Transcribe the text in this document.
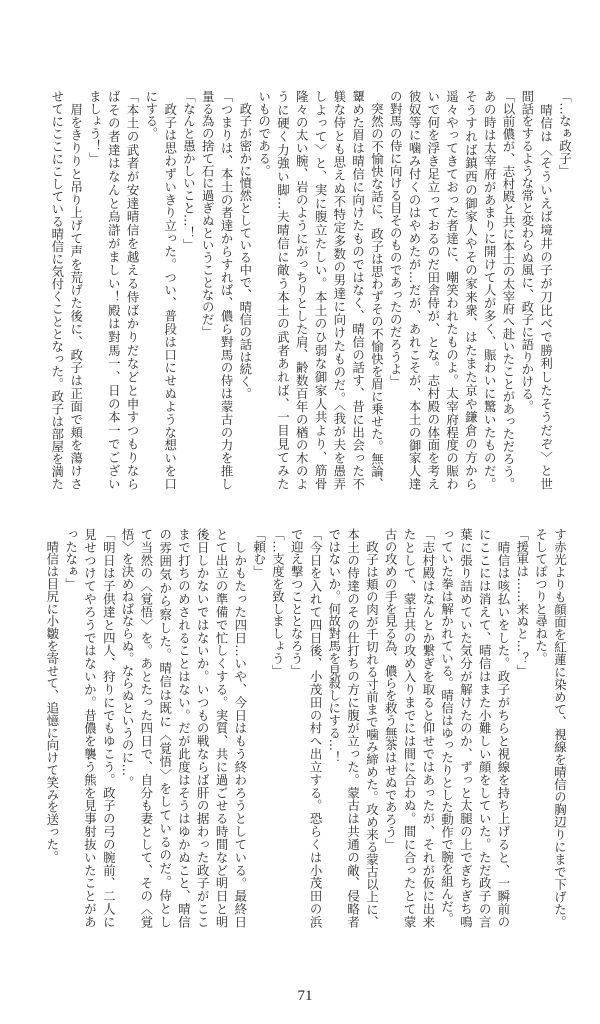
「…なぁ政子」
　晴信は〈そういえば境井の子が刀比べで勝利したそうだぞ〉と世
間話をするような常と変わらぬ風に、政子に語りかける。
「以前儂が、志村殿と共に本土の太宰府へ赴いたことがあっただろう。
あの時は太宰府があまりに開けて人が多く、賑わいに驚いたものだ。
そうすれば鎮西の御家人やその家来衆、はたまた京や鎌倉の方から
遥々やってきておった者達に、嘲笑われたものよ。太宰府程度の賑わ
いで何を浮き足立っておるのだ田舎侍が、とな。志村殿の体面を考え
彼奴等に噛み付くのはやめたが…だが、あれこそが、本土の御家人達
の對馬の侍に向ける目そのものであったのだろうよ」
　突然の不愉快な話に、政子は思わずその不愉快を眉に乗せた。無論、
顰めた眉は晴信に向けたものではなく、晴信の話す、昔に出会った不
躾な侍とも思えぬ不特定多数の男達に向けたものだ。〈我が夫を愚弄
しよって〉と、実に腹立たしい。本土のひ弱な御家人共より、筋骨
隆々の太い腕、岩のようにがっちりとした肩、齢数百年の楢の木のよ
うに硬く力強い脚…夫晴信に敵う本土の武者あれば、一目見てみた
いものである。
　政子が密かに憤然としている中で、晴信の話は続く。
「つまりは、本土の者達からすれば、儂ら對馬の侍は蒙古の力を推し
量る為の捨て石に過ぎぬということなのだ」
「なんと愚かしいこと…！」
　政子は思わずいきり立った。つい、普段は口にせぬような想いを口
にする。
「本土の武者が安達晴信を越える侍ばかりだなどと申すつもりなら
ばその者達はなんと烏滸がましい！殿は對馬一、日の本一でござい
ましょう！」
　眉をきりりと吊り上げて声を荒げた後に、政子は正面で頬を蕩けさ
せてにここにこしている晴信に気付くこととなった。政子は部屋を満た
す赤光よりも顔面を紅蓮に染めて、視線を晴信の胸辺りにまで下げた。
そしてぽつりと尋ねた。
「援軍は……来ぬと…？」
　晴信は咳払いをした。政子がちらと視線を持ち上げると、一瞬前の
にここには消えて、晴信はまた小難しい顔をしていた。ただ政子の言
葉に張り詰めていた気分が解けたのか、ずっと太腿の上でぎちぎち鳴
っていた拳は解かれている。晴信はゆったりとした動作で腕を組んだ。
「志村殿はなんとか繋ぎを取ると仰せではあったが、それが仮に出来
たとして、蒙古共の攻め入りまでには間に合わぬ。間に合ったとて蒙
古の攻めの手を見る為、儂らを救う無茶はせぬであろう」
　政子は頬の肉が千切れる寸前まで噛み締めた。攻め来る蒙古以上に、
本土の侍達のその仕打ちの方に腹が立った。蒙古は共通の敵、侵略者
ではないか。何故對馬を見殺しにする…！
「今日を入れて四日後、小茂田の村へ出立する。恐らくは小茂田の浜
で迎え撃つこととなろう」
「…支度を致しましょう」
「頼む」
　しかもたった四日…いや、今日はもう終わろうとしている。最終日
とて出立の準備で忙しくする。実質、共に過ごせる時間など明日と明
後日しかないではないか。いつもの戦ならば肝の据わった政子がここ
まで打ちのめされることはない。だが此度はそうはゆかぬこと、晴信
の雰囲気から察した。晴信は既に〈覚悟〉をしているのだ。侍とし
て当然の〈覚悟〉を。あとたった四日で、自分も妻として、その〈覚
悟〉を決めねばならぬ。ならぬというのに…。
「明日は子供達と四人、狩りにでもゆこう。政子の弓の腕前、二人に
見せつけてやろうではないか。昔儂を襲う熊を見事射抜いたことがあ
ったなぁ」
　晴信は目尻に小皺を寄せて、追憶に向けて笑みを送った。
71
